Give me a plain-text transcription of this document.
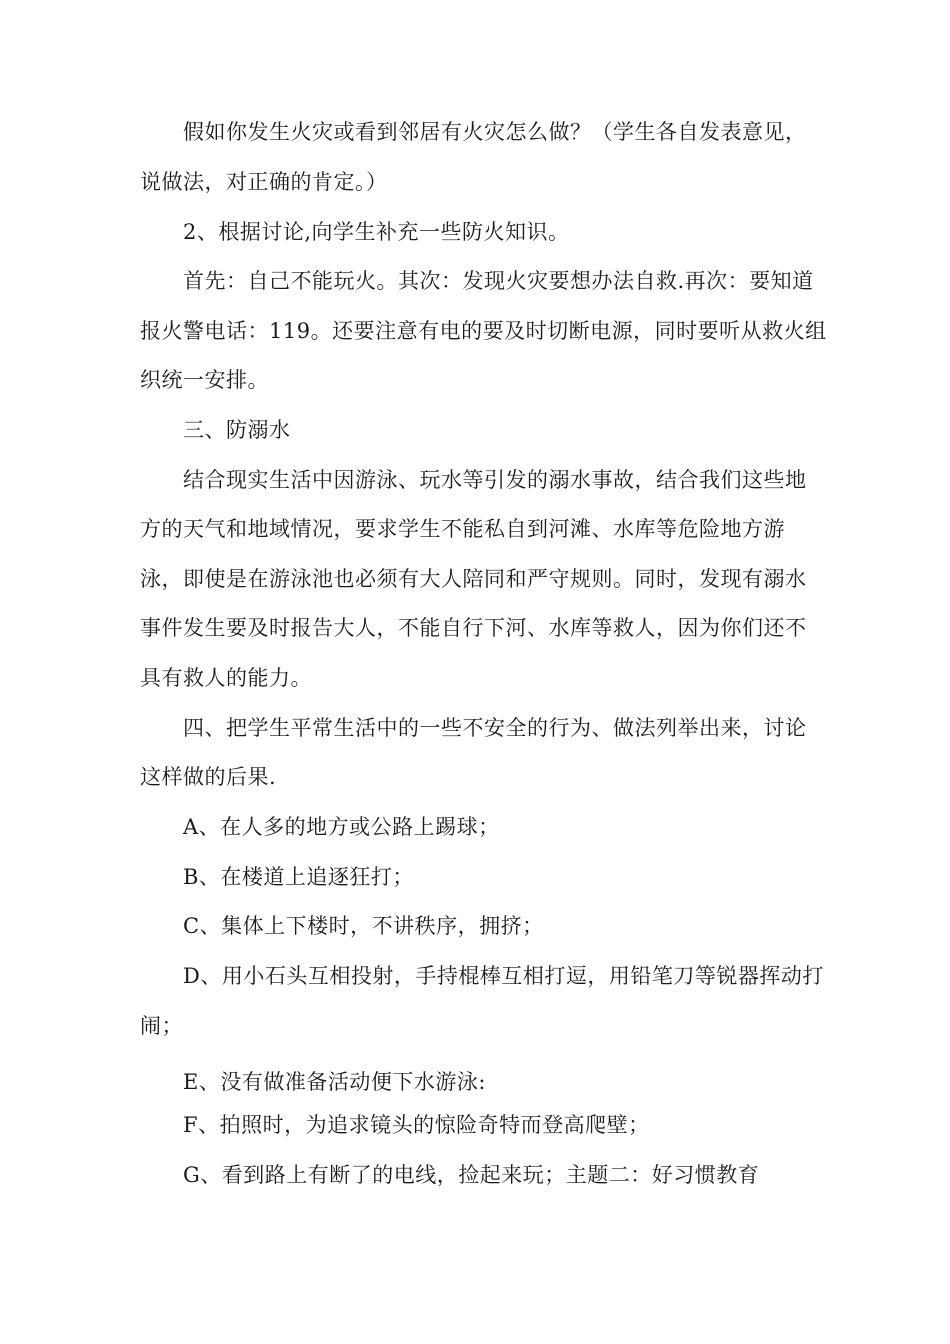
假如你发生火灾或看到邻居有火灾怎么做？（学生各自发表意见，
说做法，对正确的肯定。）
2、根据讨论,向学生补充一些防火知识。
首先：自己不能玩火。其次：发现火灾要想办法自救.再次：要知道
报火警电话：119。还要注意有电的要及时切断电源，同时要听从救火组
织统一安排。
三、防溺水
结合现实生活中因游泳、玩水等引发的溺水事故，结合我们这些地
方的天气和地域情况，要求学生不能私自到河滩、水库等危险地方游
泳，即使是在游泳池也必须有大人陪同和严守规则。同时，发现有溺水
事件发生要及时报告大人，不能自行下河、水库等救人，因为你们还不
具有救人的能力。
四、把学生平常生活中的一些不安全的行为、做法列举出来，讨论
这样做的后果.
A、在人多的地方或公路上踢球；
B、在楼道上追逐狂打；
C、集体上下楼时，不讲秩序，拥挤；
D、用小石头互相投射，手持棍棒互相打逗，用铅笔刀等锐器挥动打
闹；
E、没有做准备活动便下水游泳:
F、拍照时，为追求镜头的惊险奇特而登高爬壁；
G、看到路上有断了的电线，捡起来玩；主题二：好习惯教育
